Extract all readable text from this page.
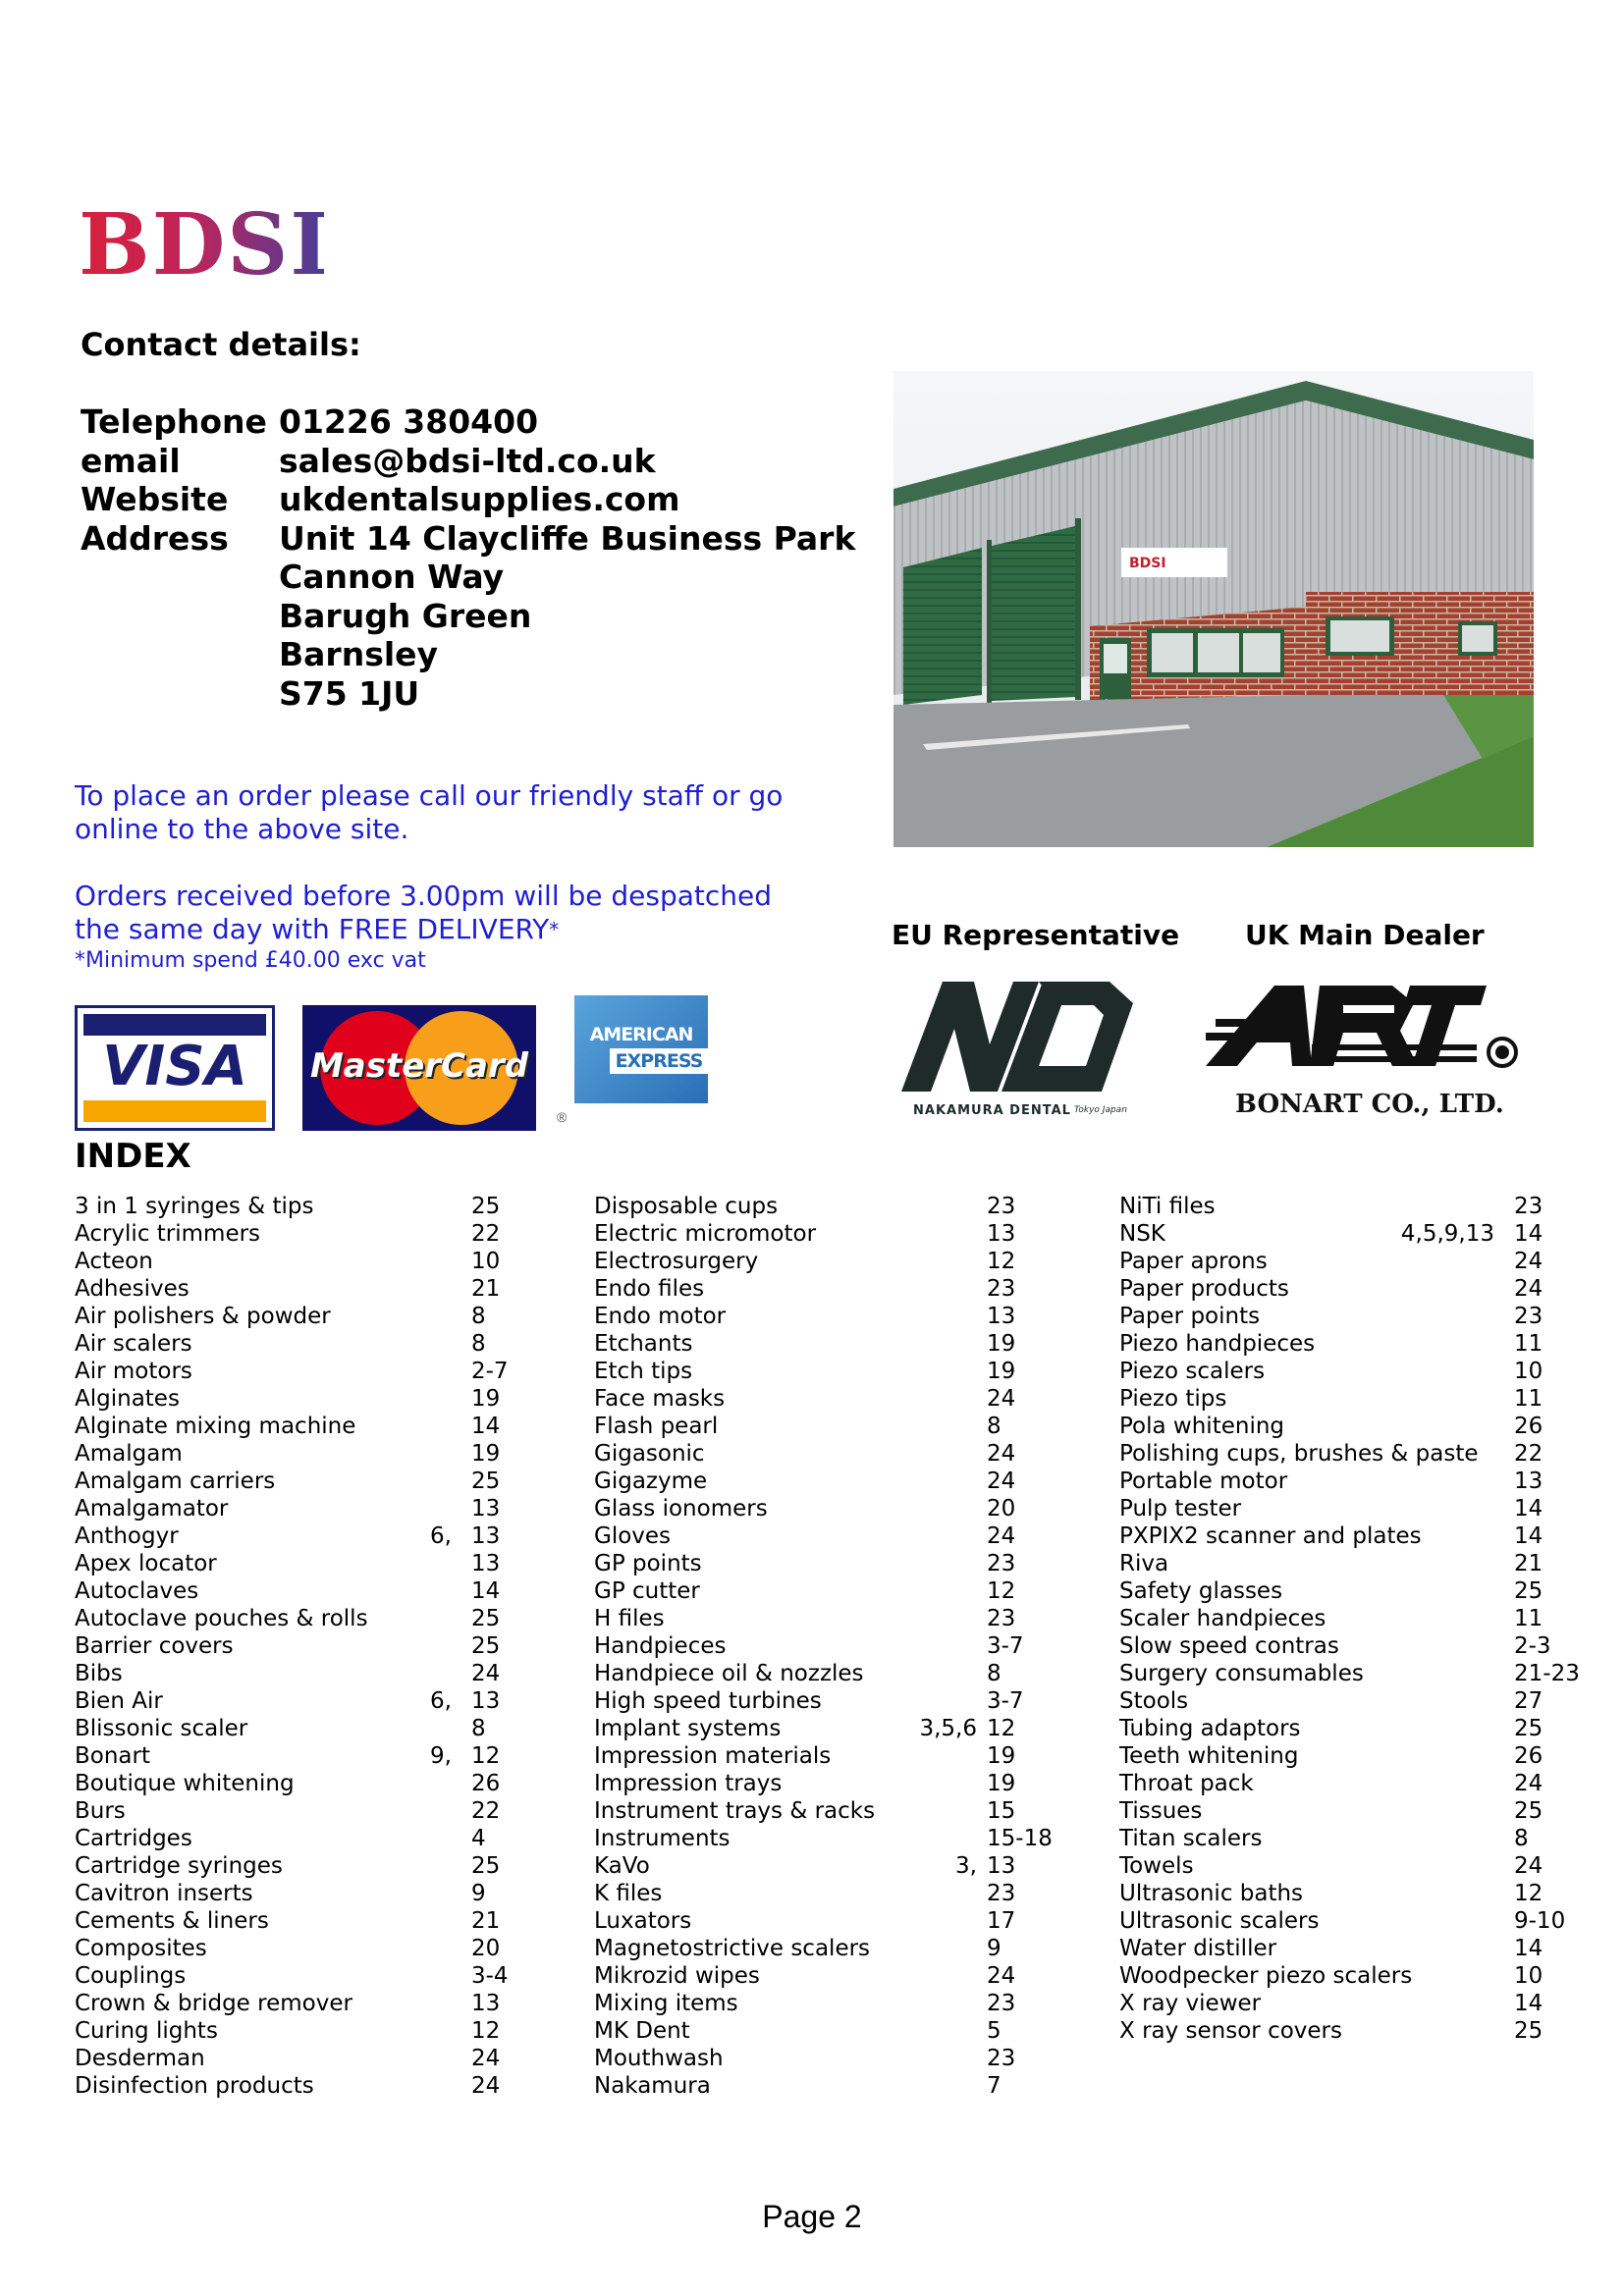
BDSI
Contact details:
Telephone 01226 380400
email	sales@bdsi-ltd.co.uk
Website ukdentalsupplies.com
Address Unit 14 Claycliffe Business Park
Cannon Way
Barugh Green
Barnsley
S75 1JU
To place an order please call our friendly staff or go
online to the above site.
Orders received before 3.00pm will be despatched
the same day with FREE DELIVERY*
*Minimum spend £40.00 exc vat
VISA	MasterCard
AMERICAN
EXPRESS
®
BDSI
EU Representative UK Main Dealer
NAKAMURA DENTAL Tokyo Japan	BONART CO., LTD.
INDEX
3 in 1 syringes & tips	25
Acrylic trimmers	22
Acteon	10
Adhesives	21
Air polishers & powder	8
Air scalers	8
Air motors	2-7
Alginates	19
Alginate mixing machine	14
Amalgam	19
Amalgam carriers	25
Amalgamator	13
Anthogyr	6, 13
Apex locator	13
Autoclaves	14
Autoclave pouches & rolls	25
Barrier covers	25
Bibs	24
Bien Air	6, 13
Blissonic scaler	8
Bonart	9, 12
Boutique whitening	26
Burs	22
Cartridges	4
Cartridge syringes	25
Cavitron inserts	9
Cements & liners	21
Composites	20
Couplings	3-4
Crown & bridge remover	13
Curing lights	12
Desderman	24
Disinfection products	24
Disposable cups	23
Electric micromotor	13
Electrosurgery	12
Endo files	23
Endo motor	13
Etchants	19
Etch tips	19
Face masks	24
Flash pearl	8
Gigasonic	24
Gigazyme	24
Glass ionomers	20
Gloves	24
GP points	23
GP cutter	12
H files	23
Handpieces	3-7
Handpiece oil & nozzles	8
High speed turbines	3-7
Implant systems	3,5,6 12
Impression materials	19
Impression trays	19
Instrument trays & racks	15
Instruments	15-18
KaVo	3, 13
K files	23
Luxators	17
Magnetostrictive scalers	9
Mikrozid wipes	24
Mixing items	23
MK Dent	5
Mouthwash	23
Nakamura	7
NiTi files	23
NSK	4,5,9,13 14
Paper aprons	24
Paper products	24
Paper points	23
Piezo handpieces	11
Piezo scalers	10
Piezo tips	11
Pola whitening	26
Polishing cups, brushes & paste 22
Portable motor	13
Pulp tester	14
PXPIX2 scanner and plates	14
Riva	21
Safety glasses	25
Scaler handpieces	11
Slow speed contras	2-3
Surgery consumables	21-23
Stools	27
Tubing adaptors	25
Teeth whitening	26
Throat pack	24
Tissues	25
Titan scalers	8
Towels	24
Ultrasonic baths	12
Ultrasonic scalers	9-10
Water distiller	14
Woodpecker piezo scalers	10
X ray viewer	14
X ray sensor covers	25
Page 2
